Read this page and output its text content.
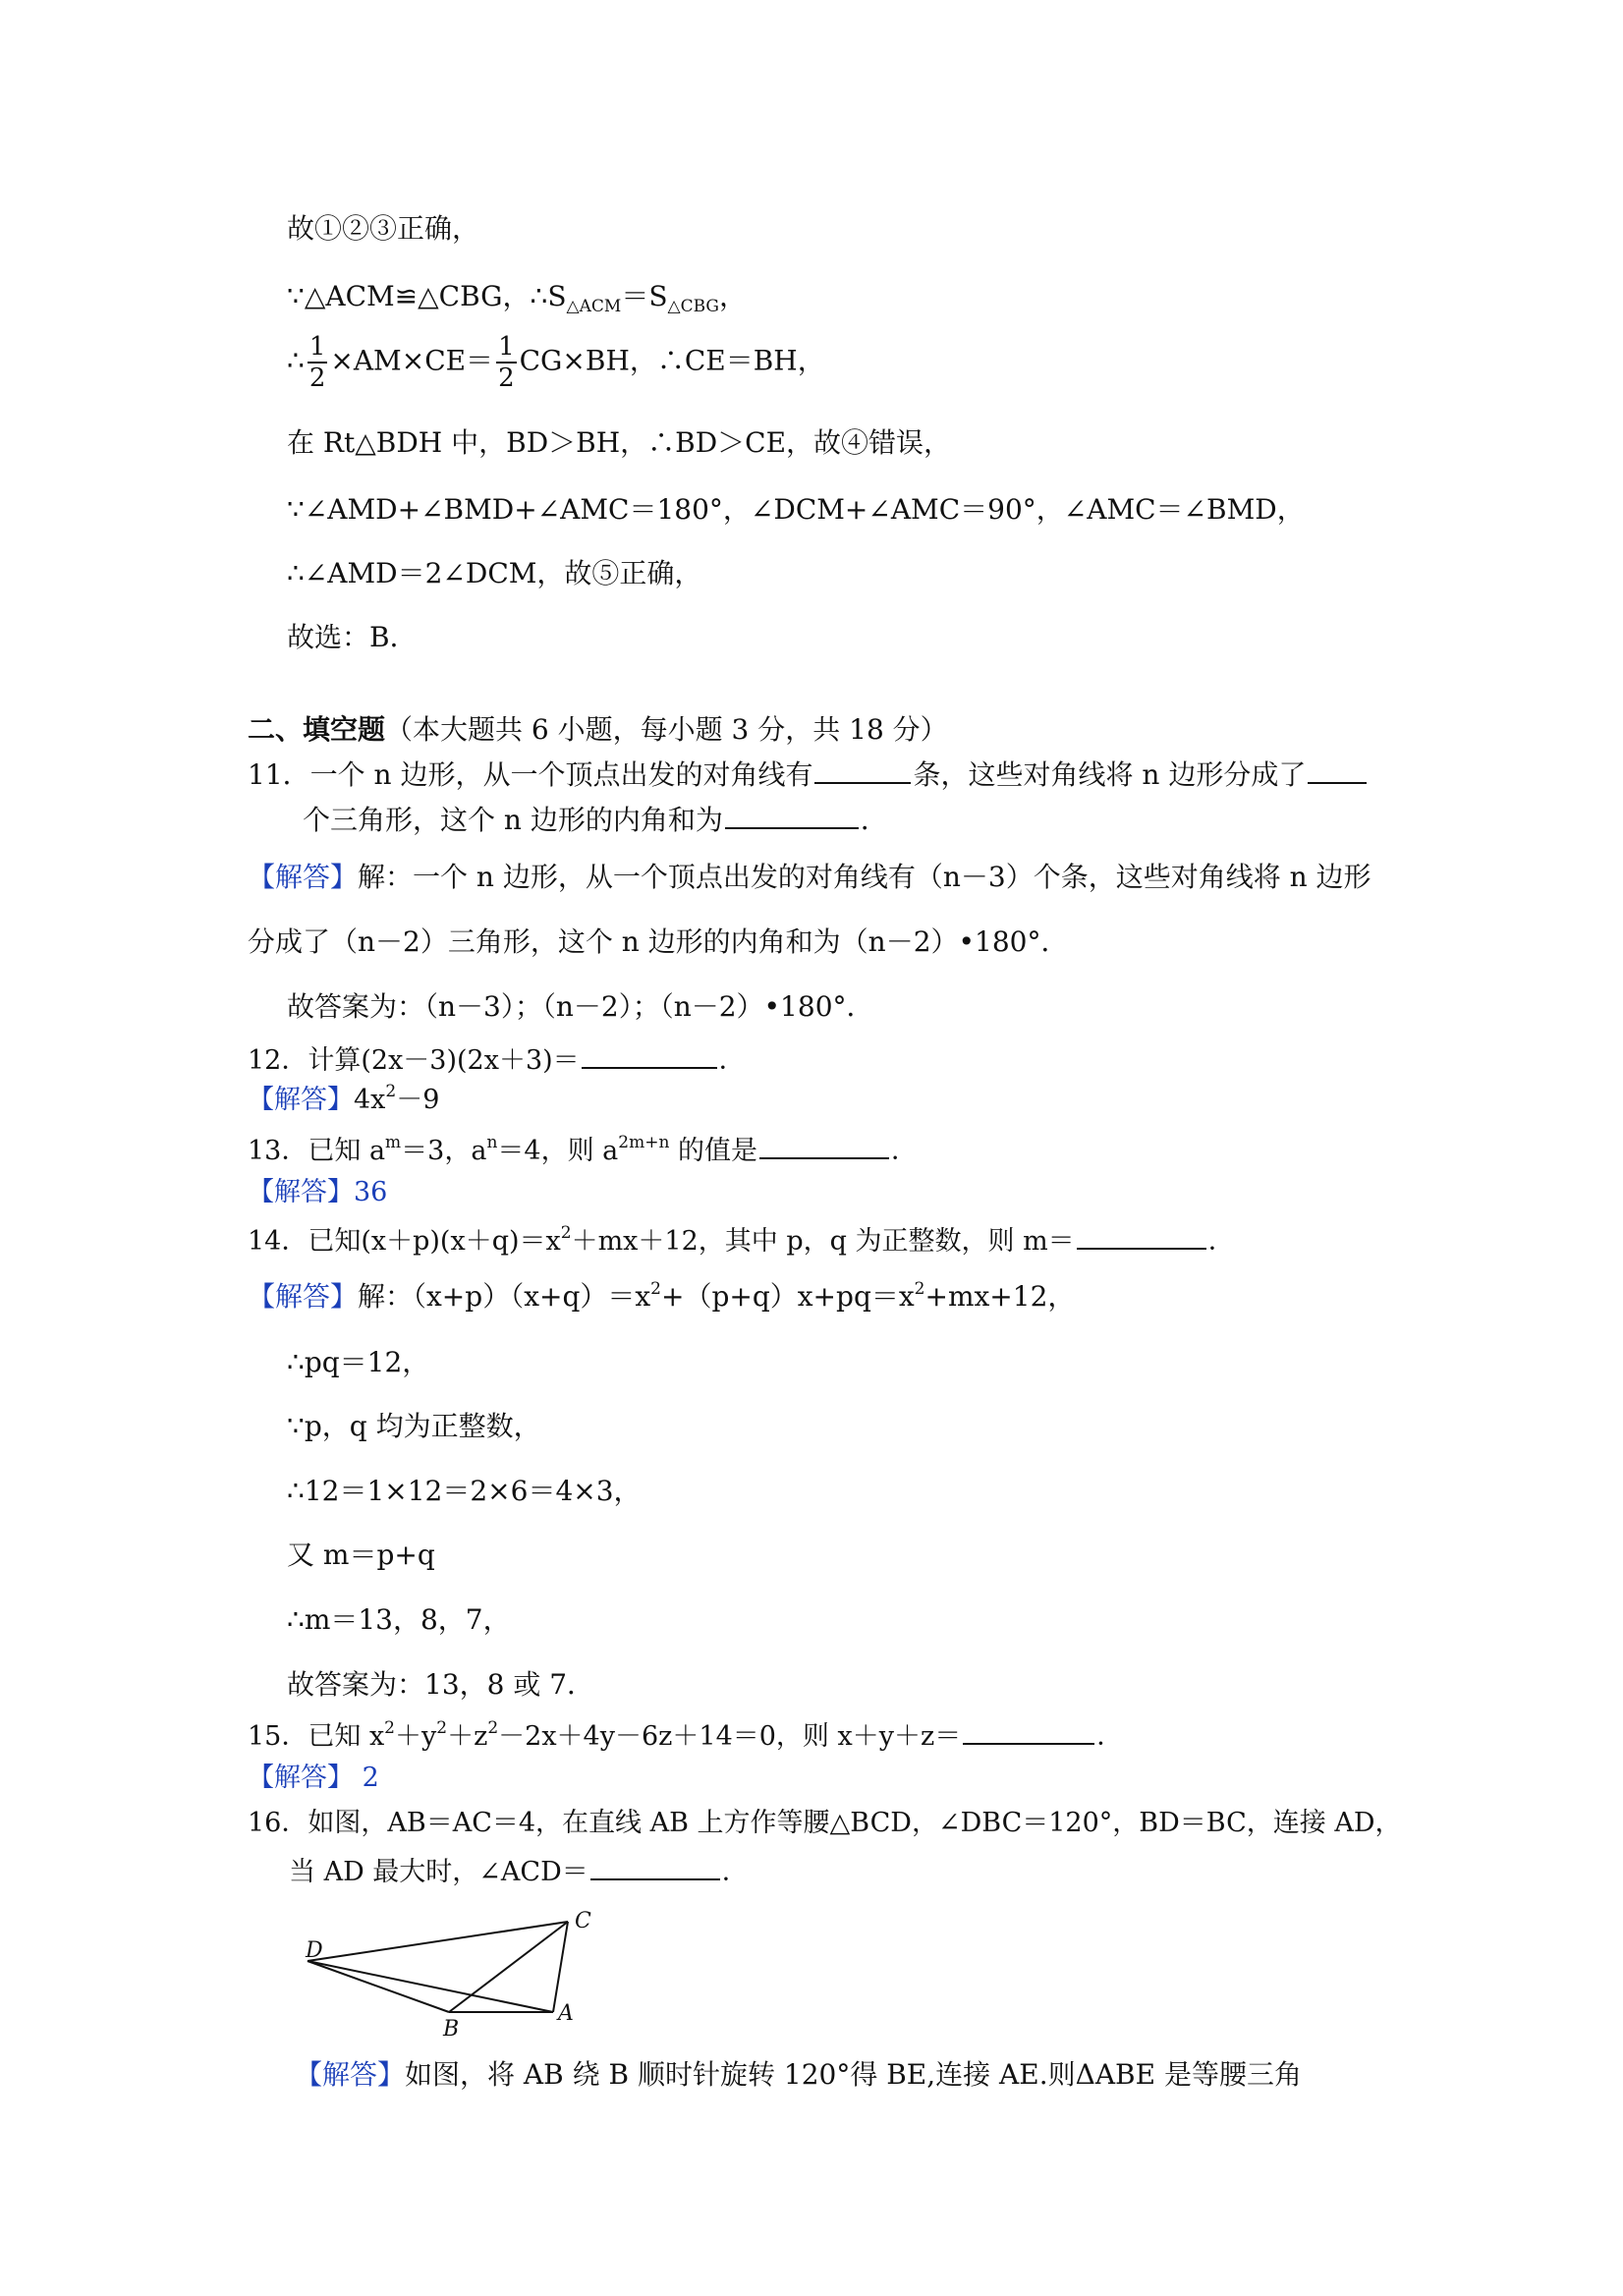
故①②③正确，
∵△ACM≌△CBG，$\therefore S_{\triangle ACM}=S_{\triangle CBG}$，
∴ $\frac{1}{2} \times AM\times CE= \frac{1}{2} CG\times BH$，∴CE＝BH，
在 Rt△BDH 中，BD＞BH，∴BD＞CE，故④错误，
∵∠AMD+∠BMD+∠AMC＝180°，∠DCM+∠AMC＝90°，∠AMC＝∠BMD，
∴∠AMD＝2∠DCM，故⑤正确，
故选：B．
二、填空题（本大题共 6 小题，每小题 3 分，共 18 分）
11．一个 n 边形，从一个顶点出发的对角线有	条，这些对角线将 n 边形分成了
个三角形，这个 n 边形的内角和为	．
【解答】解：一个 n 边形，从一个顶点出发的对角线有（n－3）个条，这些对角线将 n 边形
分成了（n－2）三角形，这个 n 边形的内角和为（n－2）•180°．
故答案为：（n－3）；（n－2）；（n－2）•180°．
12．计算(2x－3)(2x＋3)＝	．
【解答】$4x^2-9$
13．已知 $a^m=3$，$a^n=4$，则 $a^{2m+n}$ 的值是	．
【解答】36
14．已知$(x+p)(x+q)=x^2+mx+12$，其中 p，q 为正整数，则 m＝	．
【解答】解：$(x+p)(x+q)=x^2+(p+q)x+pq=x^2+mx+12$，
∴pq＝12，
∵p，q 均为正整数，
∴12＝1×12＝2×6＝4×3，
又 m＝p+q
∴m＝13，8，7，
故答案为：13，8 或 7．
15．已知 $x^2+y^2+z^2-2x+4y-6z+14=0$，则 x＋y＋z＝	．
【解答】 2
16．如图，AB＝AC＝4，在直线 AB 上方作等腰△BCD，∠DBC＝120°，BD＝BC，连接 AD，
当 AD 最大时，∠ACD＝	．
D
C
B
A
【解答】如图，将 AB 绕 B 顺时针旋转 120°得 BE,连接 AE.则ΔABE 是等腰三角
